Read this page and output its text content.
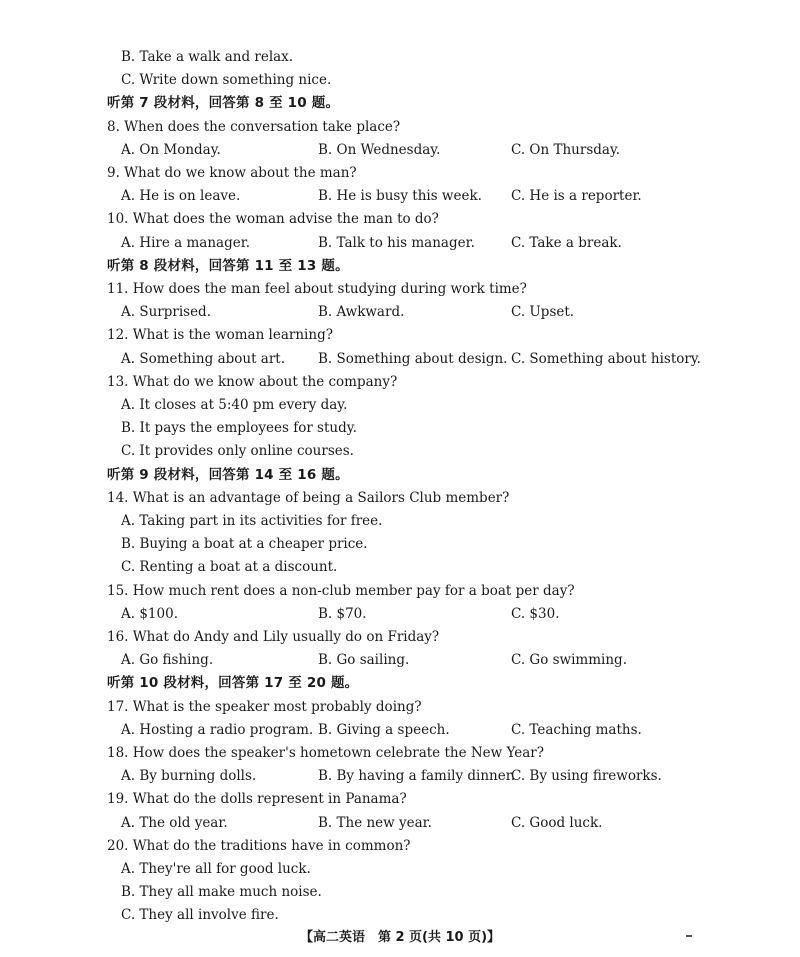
B. Take a walk and relax.
C. Write down something nice.
听第 7 段材料，回答第 8 至 10 题。
8. When does the conversation take place?
A. On Monday.	B. On Wednesday.	C. On Thursday.
9. What do we know about the man?
A. He is on leave.	B. He is busy this week. C. He is a reporter.
10. What does the woman advise the man to do?
A. Hire a manager.	B. Talk to his manager.	C. Take a break.
听第 8 段材料，回答第 11 至 13 题。
11. How does the man feel about studying during work time?
A. Surprised.	B. Awkward.	C. Upset.
12. What is the woman learning?
A. Something about art. B. Something about design. C. Something about history.
13. What do we know about the company?
A. It closes at 5:40 pm every day.
B. It pays the employees for study.
C. It provides only online courses.
听第 9 段材料，回答第 14 至 16 题。
14. What is an advantage of being a Sailors Club member?
A. Taking part in its activities for free.
B. Buying a boat at a cheaper price.
C. Renting a boat at a discount.
15. How much rent does a non-club member pay for a boat per day?
A. $100.	B. $70.	C. $30.
16. What do Andy and Lily usually do on Friday?
A. Go fishing.	B. Go sailing.	C. Go swimming.
听第 10 段材料，回答第 17 至 20 题。
17. What is the speaker most probably doing?
A. Hosting a radio program. B. Giving a speech.	C. Teaching maths.
18. How does the speaker's hometown celebrate the New Year?
A. By burning dolls.	B. By having a family dinner.
C. By using fireworks.
19. What do the dolls represent in Panama?
A. The old year.	B. The new year.	C. Good luck.
20. What do the traditions have in common?
A. They're all for good luck.
B. They all make much noise.
C. They all involve fire.
【高二英语　第 2 页(共 10 页)】
